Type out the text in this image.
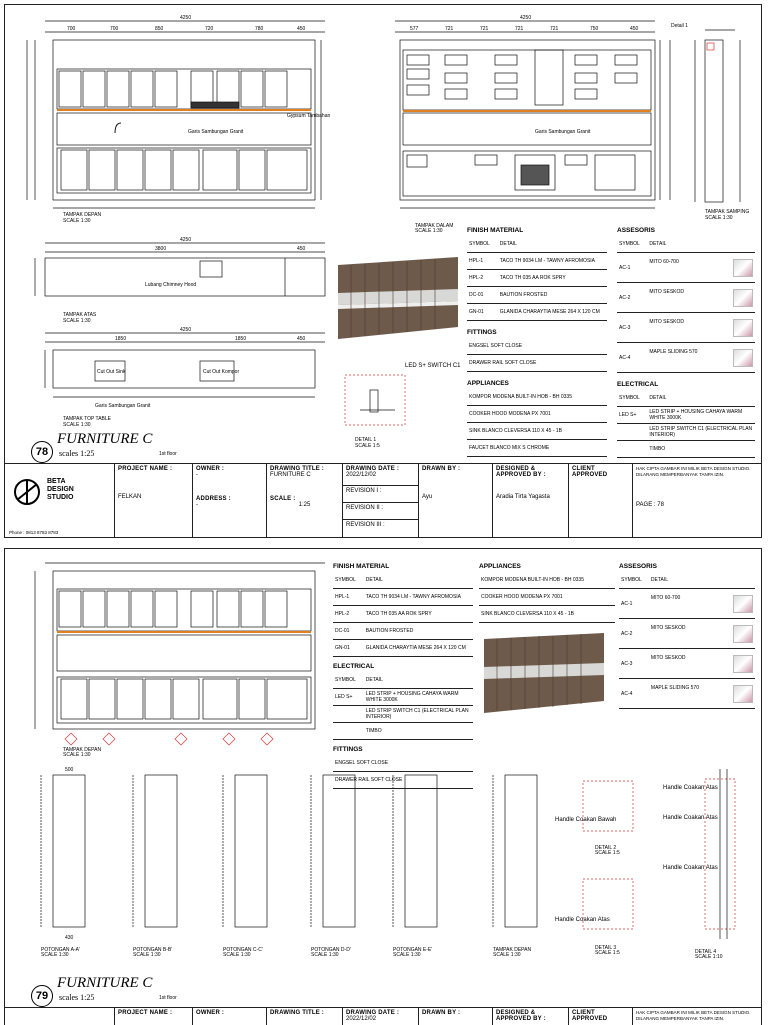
4250	4250
4250
4250
700	700	850	720	780	450	577	721	721	721	721	750	450
3800	450
1850	1850	450
Gypsum Tambahan
Garis Sambungan Granit	Garis Sambungan Granit
Lubang Chimney Hood
Cut Out Sink	Cut Out Kompor
Garis Sambungan Granit
LED S+ SWITCH C1
Detail 1
TAMPAK DEPAN
SCALE 1:30
TAMPAK DALAM
SCALE 1:30
TAMPAK SAMPING
SCALE 1:30
TAMPAK ATAS
SCALE 1:30
TAMPAK TOP TABLE
SCALE 1:30
DETAIL 1
SCALE 1:5
FINISH MATERIAL
SYMBOL	DETAIL
HPL-1	TACO TH 9034 LM - TAWNY AFROMOSIA
HPL-2	TACO TH 035 AA ROK SPRY
DC-01	BAUTION FROSTED
GN-01	GLANIDA CHARAYTIA MESE 264 X 120 CM
FITTINGS
ENGSEL SOFT CLOSE
DRAWER RAIL SOFT CLOSE
APPLIANCES
KOMPOR MODENA BUILT-IN HOB - BH 0335
COOKER HOOD MODENA PX 7001
SINK BLANCO CLEVERSA 110 X 45 - 1B
FAUCET BLANCO MIX S CHROME
ASSESORIS
SYMBOL	DETAIL
AC-1	MITO 60-700

AC-2	MITO SESKOD

AC-3	MITO SESKOD

AC-4	MAPLE SLIDING 570
ELECTRICAL
SYMBOL	DETAIL
LED S+	LED STRIP + HOUSING CAHAYA WARM WHITE 3000K
	LED STRIP SWITCH C1 (ELECTRICAL PLAN INTERIOR)
	TIMBO
78
FURNITURE C
scales 1:25	1st floor
BETA
DESIGN
STUDIO
Phone : 0813 8783 8783
PROJECT NAME :
FELKAN
OWNER :
-
ADDRESS :
-
DRAWING TITLE :
FURNITURE C
SCALE :
1:25
DRAWING DATE :
2022/12/02
REVISION I :
REVISION II :
REVISION III :
DRAWN BY :
Ayu
DESIGNED & APPROVED BY :
Aradia Tirta Yagasta
CLIENT APPROVED
HAK CIPTA GAMBAR INI MILIK BETA DESIGN STUDIO. DILARANG MEMPERBANYAK TANPA IZIN.
PAGE : 78
TAMPAK DEPAN
SCALE 1:30
500
430
POTONGAN A-A'
SCALE 1:30
POTONGAN B-B'
SCALE 1:30
POTONGAN C-C'
SCALE 1:30
POTONGAN D-D'
SCALE 1:30
POTONGAN E-E'
SCALE 1:30
TAMPAK DEPAN
SCALE 1:30
DETAIL 2
SCALE 1:5
DETAIL 3
SCALE 1:5	DETAIL 4
SCALE 1:10
Handle Coakan Bawah
Handle Coakan Atas
Handle Coakan Atas
Handle Coakan Atas
Handle Coakan Atas
FINISH MATERIAL
SYMBOL	DETAIL
HPL-1	TACO TH 9034 LM - TAWNY AFROMOSIA
HPL-2	TACO TH 035 AA ROK SPRY
DC-01	BAUTION FROSTED
GN-01	GLANIDA CHARAYTIA MESE 264 X 120 CM
ELECTRICAL
SYMBOL	DETAIL
LED S+	LED STRIP + HOUSING CAHAYA WARM WHITE 3000K
	LED STRIP SWITCH C1 (ELECTRICAL PLAN INTERIOR)
	TIMBO
FITTINGS
ENGSEL SOFT CLOSE
DRAWER RAIL SOFT CLOSE
APPLIANCES
KOMPOR MODENA BUILT-IN HOB - BH 0335
COOKER HOOD MODENA PX 7001
SINK BLANCO CLEVERSA 110 X 45 - 1B
ASSESORIS
SYMBOL	DETAIL
AC-1	MITO 60-700

AC-2	MITO SESKOD

AC-3	MITO SESKOD

AC-4	MAPLE SLIDING 570
79
FURNITURE C
scales 1:25	1st floor
PROJECT NAME :	OWNER :	DRAWING TITLE :	DRAWING DATE :
2022/12/02
DRAWN BY :	DESIGNED & APPROVED BY :
CLIENT APPROVED
HAK CIPTA GAMBAR INI MILIK BETA DESIGN STUDIO. DILARANG MEMPERBANYAK TANPA IZIN.
